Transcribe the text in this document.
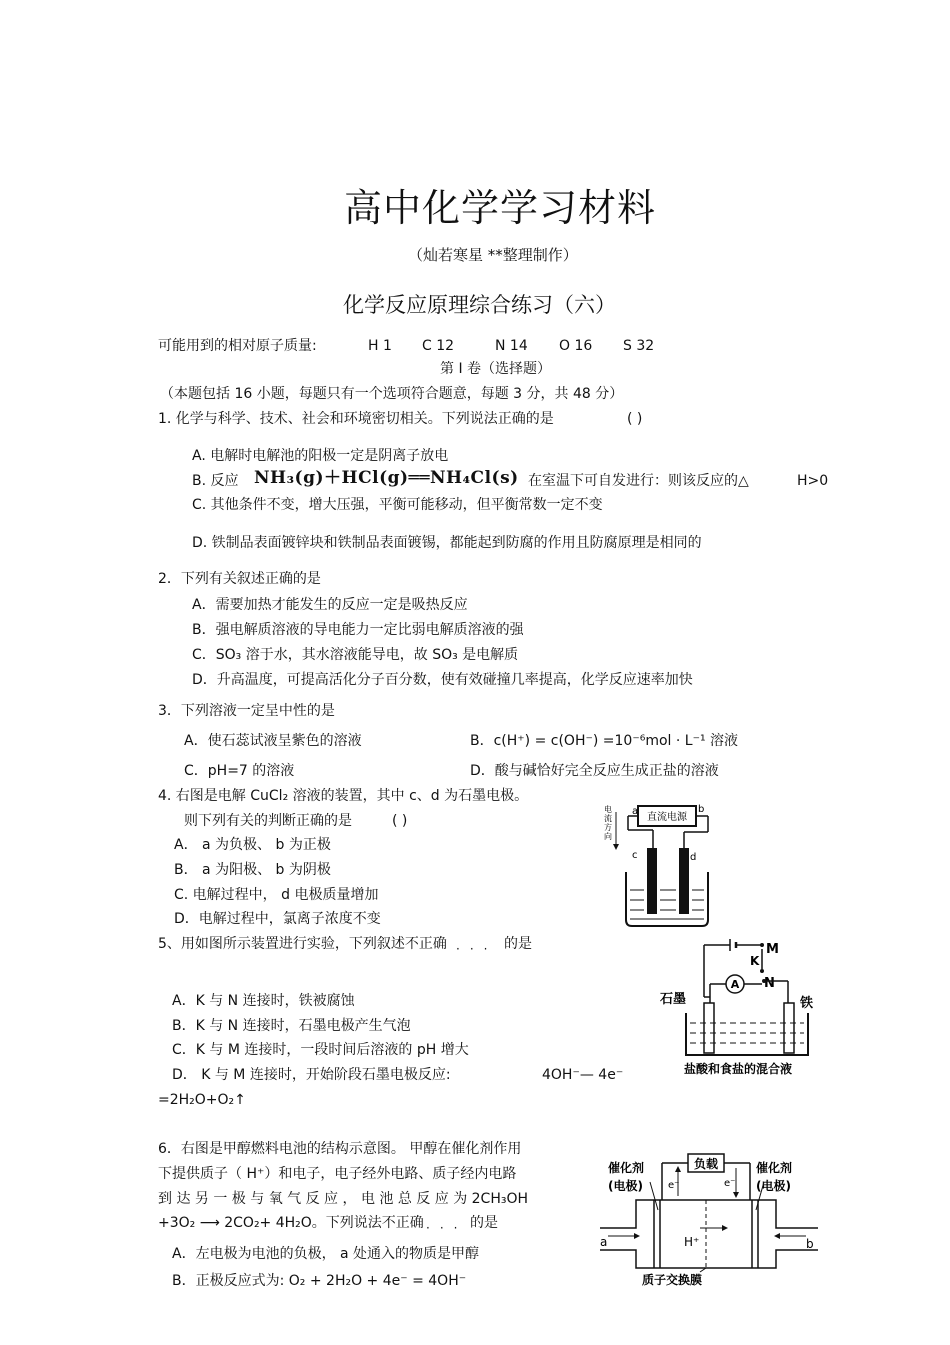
高中化学学习材料
（灿若寒星 **整理制作）
化学反应原理综合练习（六）
可能用到的相对原子质量:	H 1 C 12	N 14 O 16 S 32
第 I 卷（选择题）
（本题包括 16 小题，每题只有一个选项符合题意，每题 3 分，共 48 分）
1. 化学与科学、技术、社会和环境密切相关。下列说法正确的是	( )
A. 电解时电解池的阳极一定是阴离子放电
B. 反应 NH₃(g)＋HCl(g)══NH₄Cl(s) 在室温下可自发进行：则该反应的△	H>0
C. 其他条件不变，增大压强，平衡可能移动，但平衡常数一定不变
D. 铁制品表面镀锌块和铁制品表面镀锡，都能起到防腐的作用且防腐原理是相同的
2．下列有关叙述正确的是
A．需要加热才能发生的反应一定是吸热反应
B．强电解质溶液的导电能力一定比弱电解质溶液的强
C．SO₃ 溶于水，其水溶液能导电，故 SO₃ 是电解质
D．升高温度，可提高活化分子百分数，使有效碰撞几率提高，化学反应速率加快
3．下列溶液一定呈中性的是
A．使石蕊试液呈紫色的溶液	B．c(H⁺) = c(OH⁻) =10⁻⁶mol · L⁻¹ 溶液
C．pH=7 的溶液	D．酸与碱恰好完全反应生成正盐的溶液
4. 右图是电解 CuCl₂ 溶液的装置，其中 c、d 为石墨电极。
则下列有关的判断正确的是	( )
A． a 为负极、 b 为正极
B． a 为阳极、 b 为阴极
C. 电解过程中， d 电极质量增加
D．电解过程中，氯离子浓度不变
直流电源
a	b
电流方向
c	d
5、用如图所示装置进行实验，下列叙述不正确 ··· 的是
A．K 与 N 连接时，铁被腐蚀
B．K 与 N 连接时，石墨电极产生气泡
C．K 与 M 连接时，一段时间后溶液的 pH 增大
D． K 与 M 连接时，开始阶段石墨电极反应:	4OH⁻— 4e⁻
=2H₂O+O₂↑
M
K
N
A
石墨	铁
盐酸和食盐的混合液
6．右图是甲醇燃料电池的结构示意图。 甲醇在催化剂作用
下提供质子（ H⁺）和电子，电子经外电路、质子经内电路
到 达 另 一 极 与 氧 气 反 应 ， 电 池 总 反 应 为 2CH₃OH
+3O₂ ⟶ 2CO₂+ 4H₂O。下列说法不正确 ··· 的是
A．左电极为电池的负极， a 处通入的物质是甲醇
B．正极反应式为: O₂ + 2H₂O + 4e⁻ = 4OH⁻
负载
e⁻	e⁻
催化剂
(电极)
催化剂
(电极)
a	b
H⁺
质子交换膜
